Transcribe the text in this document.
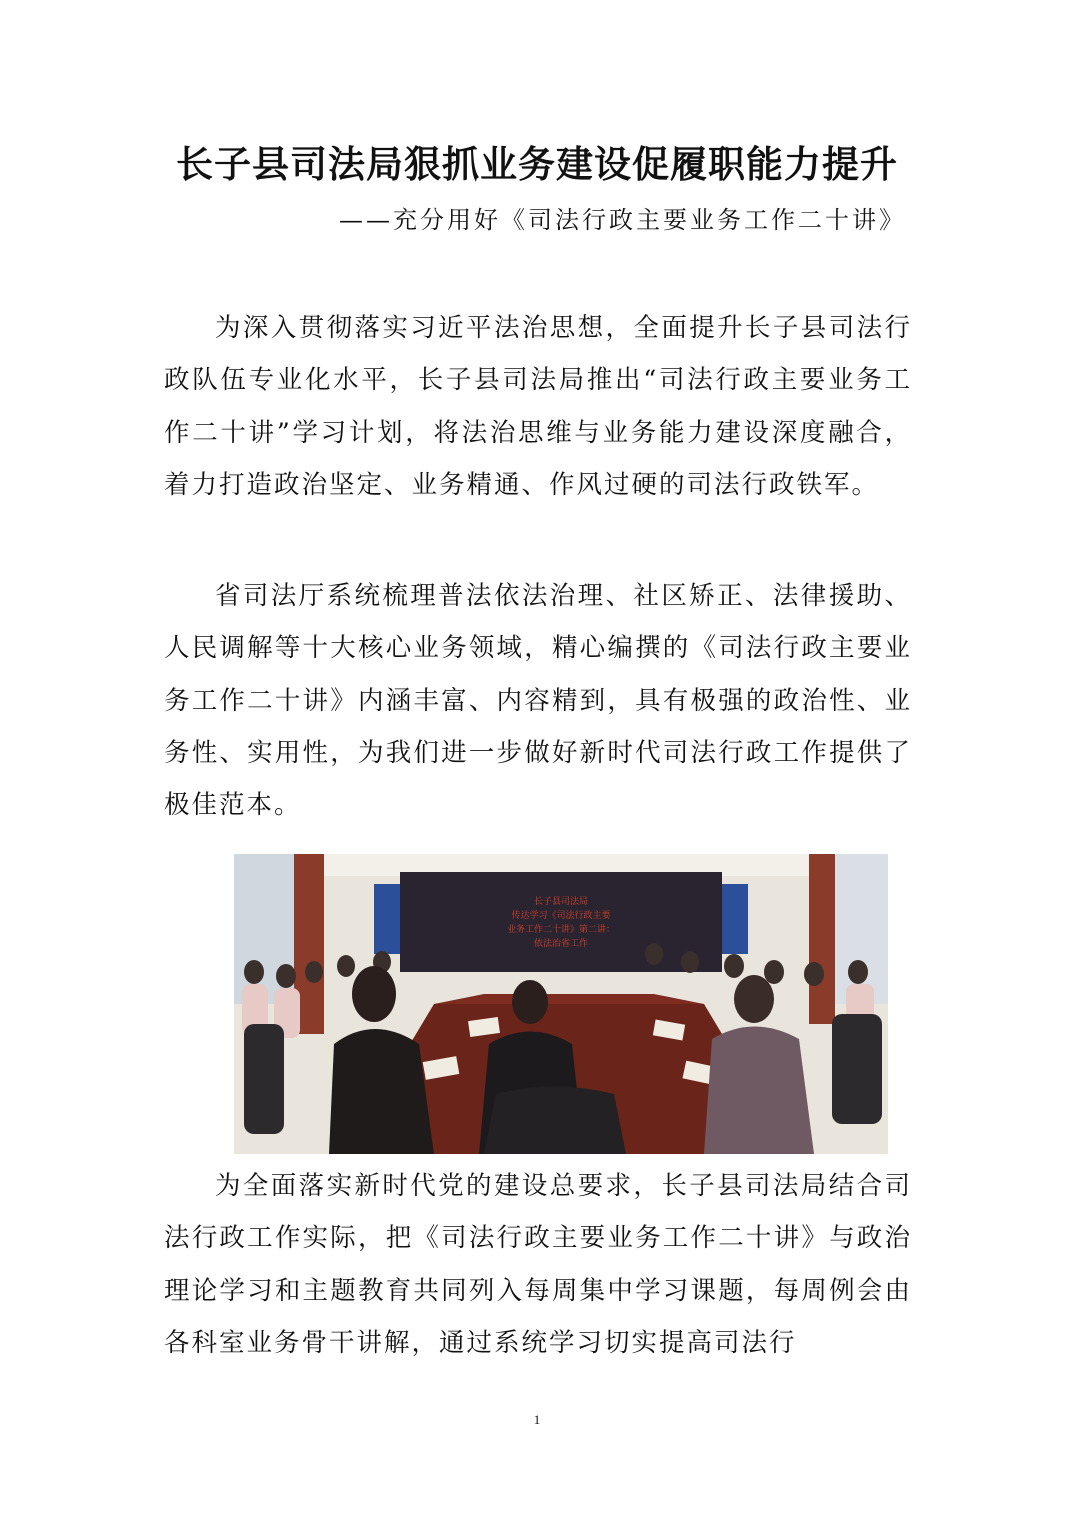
长子县司法局狠抓业务建设促履职能力提升
——充分用好《司法行政主要业务工作二十讲》

为深入贯彻落实习近平法治思想，全面提升长子县司法行政队伍专业化水平，长子县司法局推出“司法行政主要业务工作二十讲”学习计划，将法治思维与业务能力建设深度融合，着力打造政治坚定、业务精通、作风过硬的司法行政铁军。

省司法厅系统梳理普法依法治理、社区矫正、法律援助、人民调解等十大核心业务领域，精心编撰的《司法行政主要业务工作二十讲》内涵丰富、内容精到，具有极强的政治性、业务性、实用性，为我们进一步做好新时代司法行政工作提供了极佳范本。

长子县司法局
传达学习《司法行政主要
业务工作二十讲》第二讲：
依法治省工作

为全面落实新时代党的建设总要求，长子县司法局结合司法行政工作实际，把《司法行政主要业务工作二十讲》与政治理论学习和主题教育共同列入每周集中学习课题，每周例会由各科室业务骨干讲解，通过系统学习切实提高司法行

1
